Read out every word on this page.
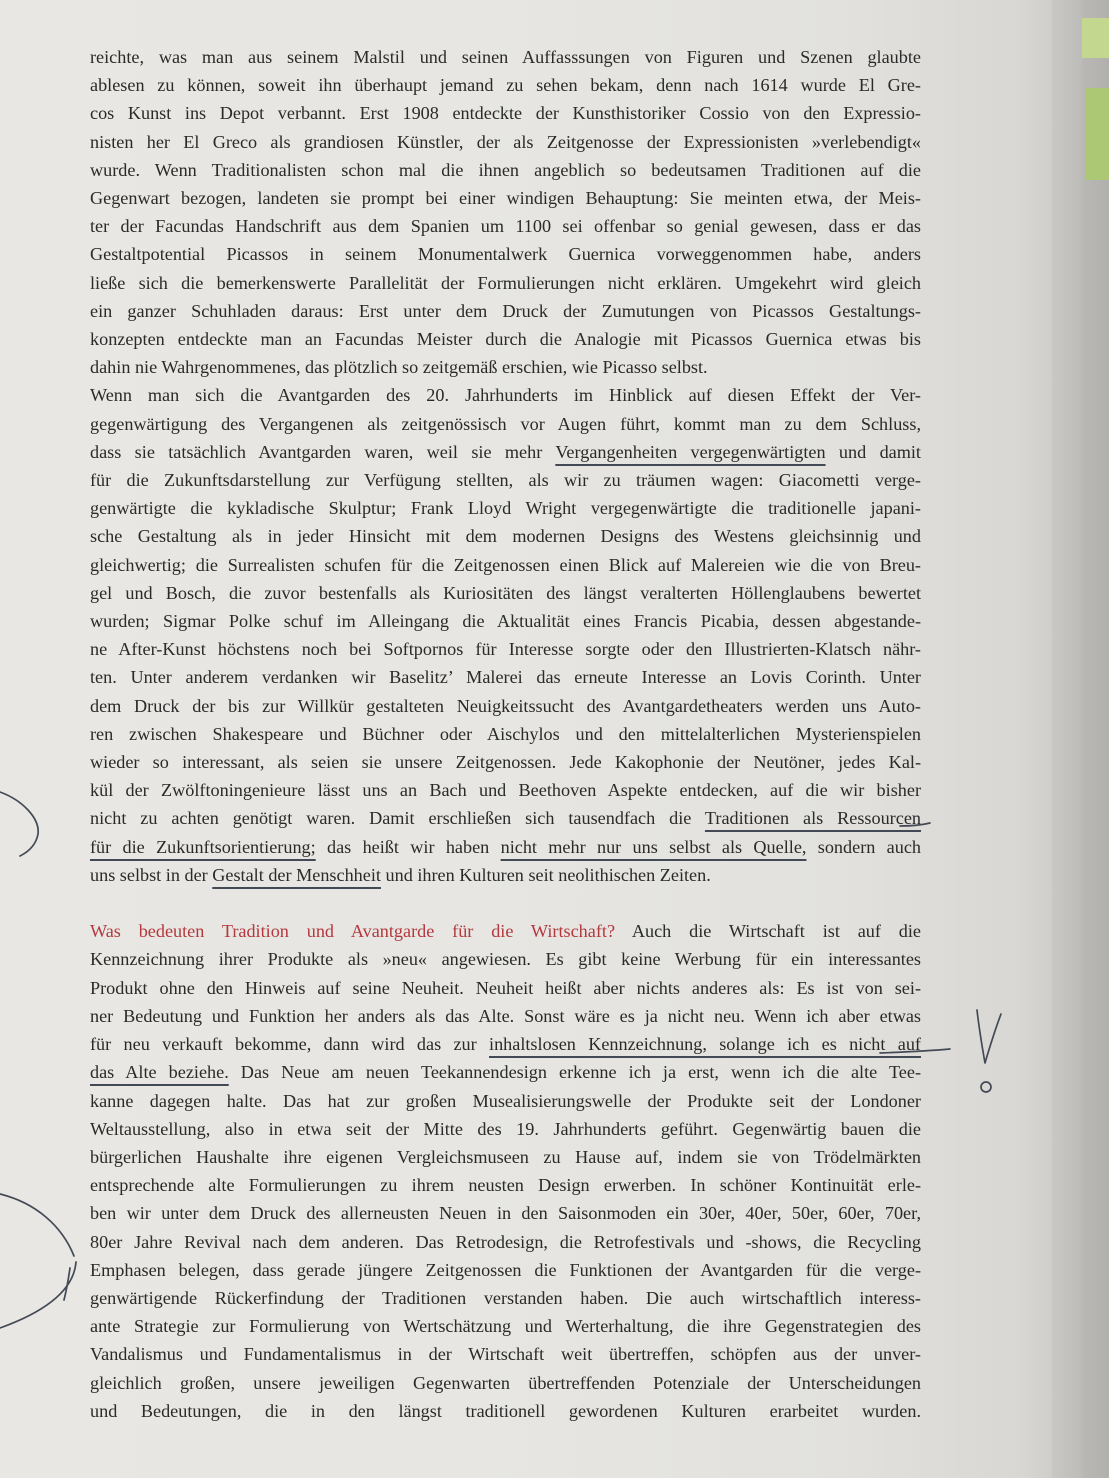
reichte, was man aus seinem Malstil und seinen Auffasssungen von Figuren und Szenen glaubte
ablesen zu können, soweit ihn überhaupt jemand zu sehen bekam, denn nach 1614 wurde El Gre-
cos Kunst ins Depot verbannt. Erst 1908 entdeckte der Kunsthistoriker Cossio von den Expressio-
nisten her El Greco als grandiosen Künstler, der als Zeitgenosse der Expressionisten »verlebendigt«
wurde. Wenn Traditionalisten schon mal die ihnen angeblich so bedeutsamen Traditionen auf die
Gegenwart bezogen, landeten sie prompt bei einer windigen Behauptung: Sie meinten etwa, der Meis-
ter der Facundas Handschrift aus dem Spanien um 1100 sei offenbar so genial gewesen, dass er das
Gestaltpotential Picassos in seinem Monumentalwerk Guernica vorweggenommen habe, anders
ließe sich die bemerkenswerte Parallelität der Formulierungen nicht erklären. Umgekehrt wird gleich
ein ganzer Schuhladen daraus: Erst unter dem Druck der Zumutungen von Picassos Gestaltungs-
konzepten entdeckte man an Facundas Meister durch die Analogie mit Picassos Guernica etwas bis
dahin nie Wahrgenommenes, das plötzlich so zeitgemäß erschien, wie Picasso selbst.
Wenn man sich die Avantgarden des 20. Jahrhunderts im Hinblick auf diesen Effekt der Ver-
gegenwärtigung des Vergangenen als zeitgenössisch vor Augen führt, kommt man zu dem Schluss,
dass sie tatsächlich Avantgarden waren, weil sie mehr Vergangenheiten vergegenwärtigten und damit
für die Zukunftsdarstellung zur Verfügung stellten, als wir zu träumen wagen: Giacometti verge-
genwärtigte die kykladische Skulptur; Frank Lloyd Wright vergegenwärtigte die traditionelle japani-
sche Gestaltung als in jeder Hinsicht mit dem modernen Designs des Westens gleichsinnig und
gleichwertig; die Surrealisten schufen für die Zeitgenossen einen Blick auf Malereien wie die von Breu-
gel und Bosch, die zuvor bestenfalls als Kuriositäten des längst veralterten Höllenglaubens bewertet
wurden; Sigmar Polke schuf im Alleingang die Aktualität eines Francis Picabia, dessen abgestande-
ne After-Kunst höchstens noch bei Softpornos für Interesse sorgte oder den Illustrierten-Klatsch nähr-
ten. Unter anderem verdanken wir Baselitz’ Malerei das erneute Interesse an Lovis Corinth. Unter
dem Druck der bis zur Willkür gestalteten Neuigkeitssucht des Avantgardetheaters werden uns Auto-
ren zwischen Shakespeare und Büchner oder Aischylos und den mittelalterlichen Mysterienspielen
wieder so interessant, als seien sie unsere Zeitgenossen. Jede Kakophonie der Neutöner, jedes Kal-
kül der Zwölftoningenieure lässt uns an Bach und Beethoven Aspekte entdecken, auf die wir bisher
nicht zu achten genötigt waren. Damit erschließen sich tausendfach die Traditionen als Ressourcen
für die Zukunftsorientierung; das heißt wir haben nicht mehr nur uns selbst als Quelle, sondern auch
uns selbst in der Gestalt der Menschheit und ihren Kulturen seit neolithischen Zeiten.
Was bedeuten Tradition und Avantgarde für die Wirtschaft? Auch die Wirtschaft ist auf die
Kennzeichnung ihrer Produkte als »neu« angewiesen. Es gibt keine Werbung für ein interessantes
Produkt ohne den Hinweis auf seine Neuheit. Neuheit heißt aber nichts anderes als: Es ist von sei-
ner Bedeutung und Funktion her anders als das Alte. Sonst wäre es ja nicht neu. Wenn ich aber etwas
für neu verkauft bekomme, dann wird das zur inhaltslosen Kennzeichnung, solange ich es nicht auf
das Alte beziehe. Das Neue am neuen Teekannendesign erkenne ich ja erst, wenn ich die alte Tee-
kanne dagegen halte. Das hat zur großen Musealisierungswelle der Produkte seit der Londoner
Weltausstellung, also in etwa seit der Mitte des 19. Jahrhunderts geführt. Gegenwärtig bauen die
bürgerlichen Haushalte ihre eigenen Vergleichsmuseen zu Hause auf, indem sie von Trödelmärkten
entsprechende alte Formulierungen zu ihrem neusten Design erwerben. In schöner Kontinuität erle-
ben wir unter dem Druck des allerneusten Neuen in den Saisonmoden ein 30er, 40er, 50er, 60er, 70er,
80er Jahre Revival nach dem anderen. Das Retrodesign, die Retrofestivals und -shows, die Recycling
Emphasen belegen, dass gerade jüngere Zeitgenossen die Funktionen der Avantgarden für die verge-
genwärtigende Rückerfindung der Traditionen verstanden haben. Die auch wirtschaftlich interess-
ante Strategie zur Formulierung von Wertschätzung und Werterhaltung, die ihre Gegenstrategien des
Vandalismus und Fundamentalismus in der Wirtschaft weit übertreffen, schöpfen aus der unver-
gleichlich großen, unsere jeweiligen Gegenwarten übertreffenden Potenziale der Unterscheidungen
und Bedeutungen, die in den längst traditionell gewordenen Kulturen erarbeitet wurden.
